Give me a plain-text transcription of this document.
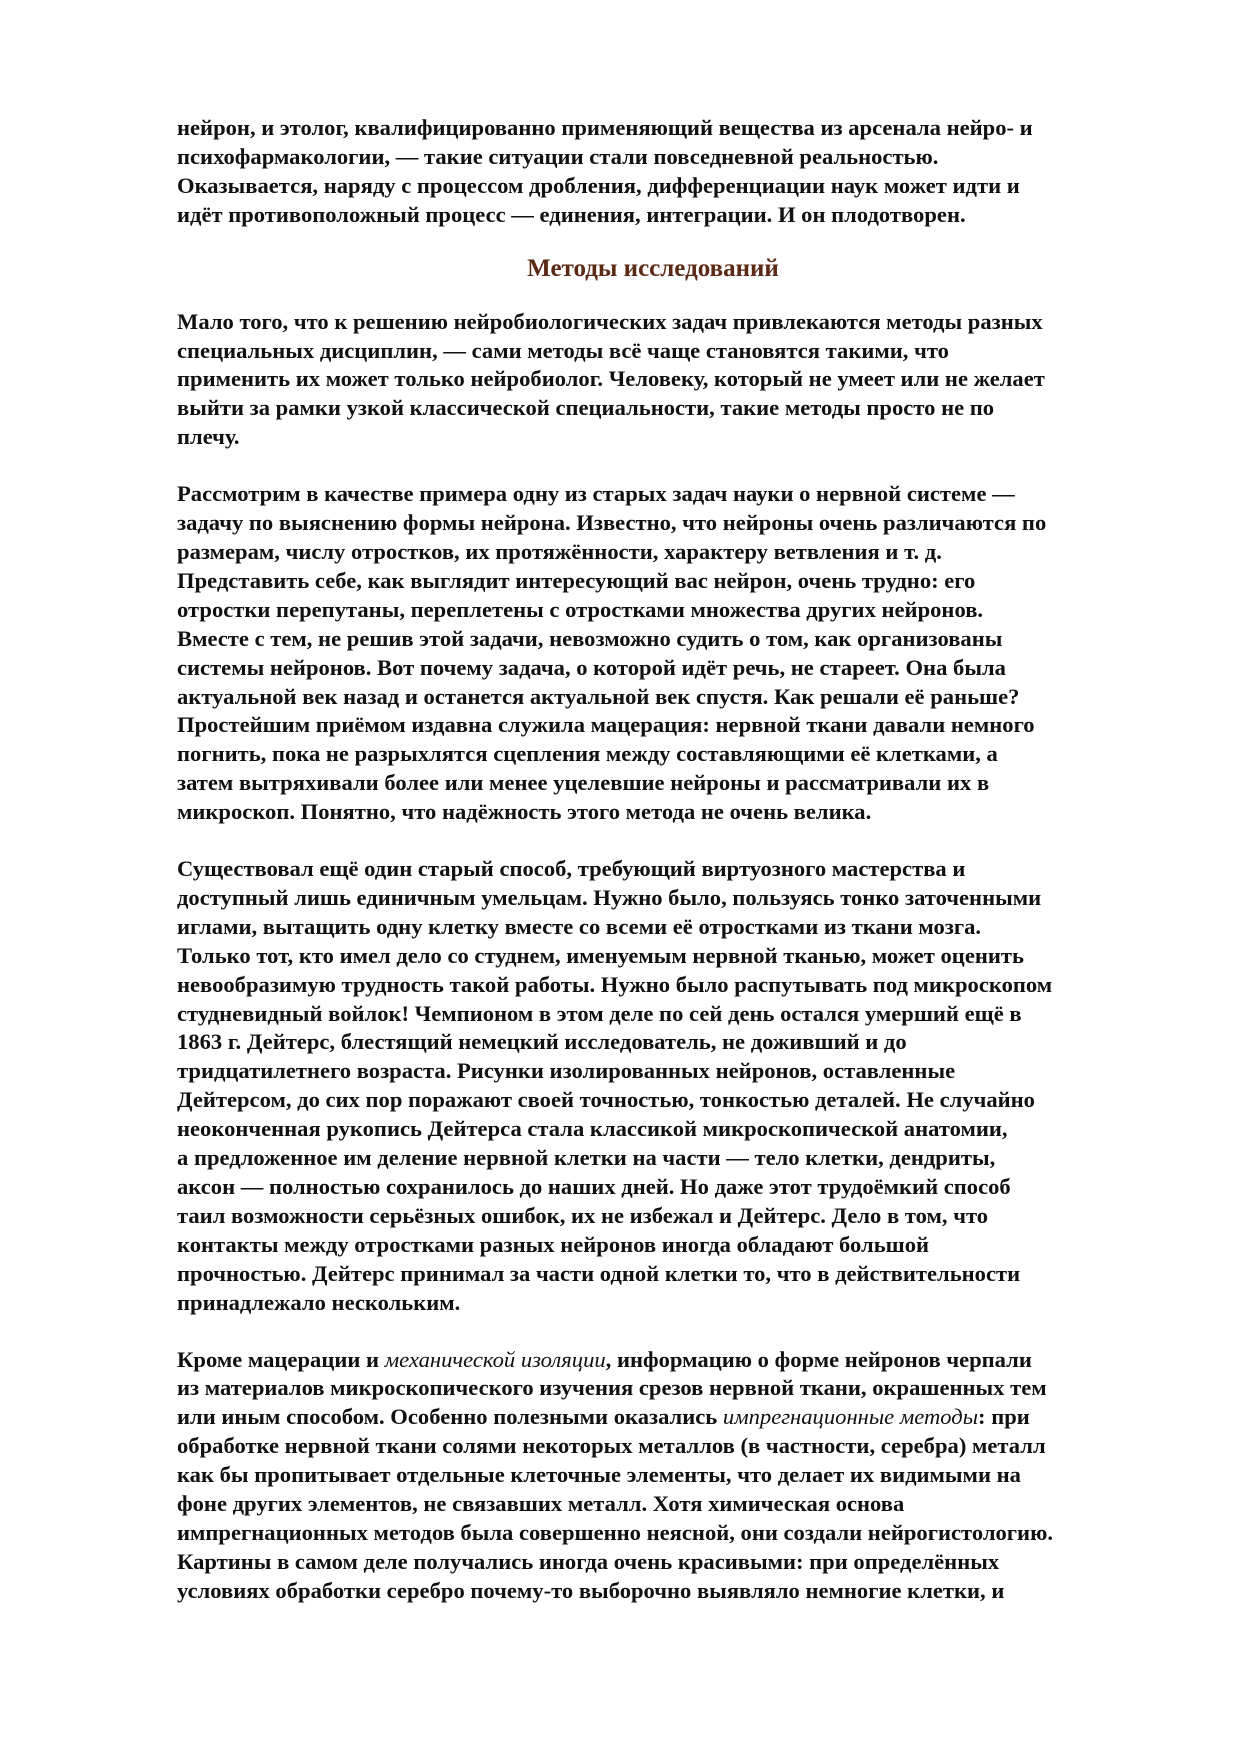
нейрон, и этолог, квалифицированно применяющий вещества из арсенала нейро- и
психофармакологии, — такие ситуации стали повседневной реальностью.
Оказывается, наряду с процессом дробления, дифференциации наук может идти и
идёт противоположный процесс — единения, интеграции. И он плодотворен.

Методы исследований

Мало того, что к решению нейробиологических задач привлекаются методы разных
специальных дисциплин, — сами методы всё чаще становятся такими, что
применить их может только нейробиолог. Человеку, который не умеет или не желает
выйти за рамки узкой классической специальности, такие методы просто не по
плечу.

Рассмотрим в качестве примера одну из старых задач науки о нервной системе —
задачу по выяснению формы нейрона. Известно, что нейроны очень различаются по
размерам, числу отростков, их протяжённости, характеру ветвления и т. д.
Представить себе, как выглядит интересующий вас нейрон, очень трудно: его
отростки перепутаны, переплетены с отростками множества других нейронов.
Вместе с тем, не решив этой задачи, невозможно судить о том, как организованы
системы нейронов. Вот почему задача, о которой идёт речь, не стареет. Она была
актуальной век назад и останется актуальной век спустя. Как решали её раньше?
Простейшим приёмом издавна служила мацерация: нервной ткани давали немного
погнить, пока не разрыхлятся сцепления между составляющими её клетками, а
затем вытряхивали более или менее уцелевшие нейроны и рассматривали их в
микроскоп. Понятно, что надёжность этого метода не очень велика.

Существовал ещё один старый способ, требующий виртуозного мастерства и
доступный лишь единичным умельцам. Нужно было, пользуясь тонко заточенными
иглами, вытащить одну клетку вместе со всеми её отростками из ткани мозга.
Только тот, кто имел дело со студнем, именуемым нервной тканью, может оценить
невообразимую трудность такой работы. Нужно было распутывать под микроскопом
студневидный войлок! Чемпионом в этом деле по сей день остался умерший ещё в
1863 г. Дейтерс, блестящий немецкий исследователь, не доживший и до
тридцатилетнего возраста. Рисунки изолированных нейронов, оставленные
Дейтерсом, до сих пор поражают своей точностью, тонкостью деталей. Не случайно
неоконченная рукопись Дейтерса стала классикой микроскопической анатомии,
а предложенное им деление нервной клетки на части — тело клетки, дендриты,
аксон — полностью сохранилось до наших дней. Но даже этот трудоёмкий способ
таил возможности серьёзных ошибок, их не избежал и Дейтерс. Дело в том, что
контакты между отростками разных нейронов иногда обладают большой
прочностью. Дейтерс принимал за части одной клетки то, что в действительности
принадлежало нескольким.

Кроме мацерации и механической изоляции, информацию о форме нейронов черпали
из материалов микроскопического изучения срезов нервной ткани, окрашенных тем
или иным способом. Особенно полезными оказались импрегнационные методы: при
обработке нервной ткани солями некоторых металлов (в частности, серебра) металл
как бы пропитывает отдельные клеточные элементы, что делает их видимыми на
фоне других элементов, не связавших металл. Хотя химическая основа
импрегнационных методов была совершенно неясной, они создали нейрогистологию.
Картины в самом деле получались иногда очень красивыми: при определённых
условиях обработки серебро почему-то выборочно выявляло немногие клетки, и
